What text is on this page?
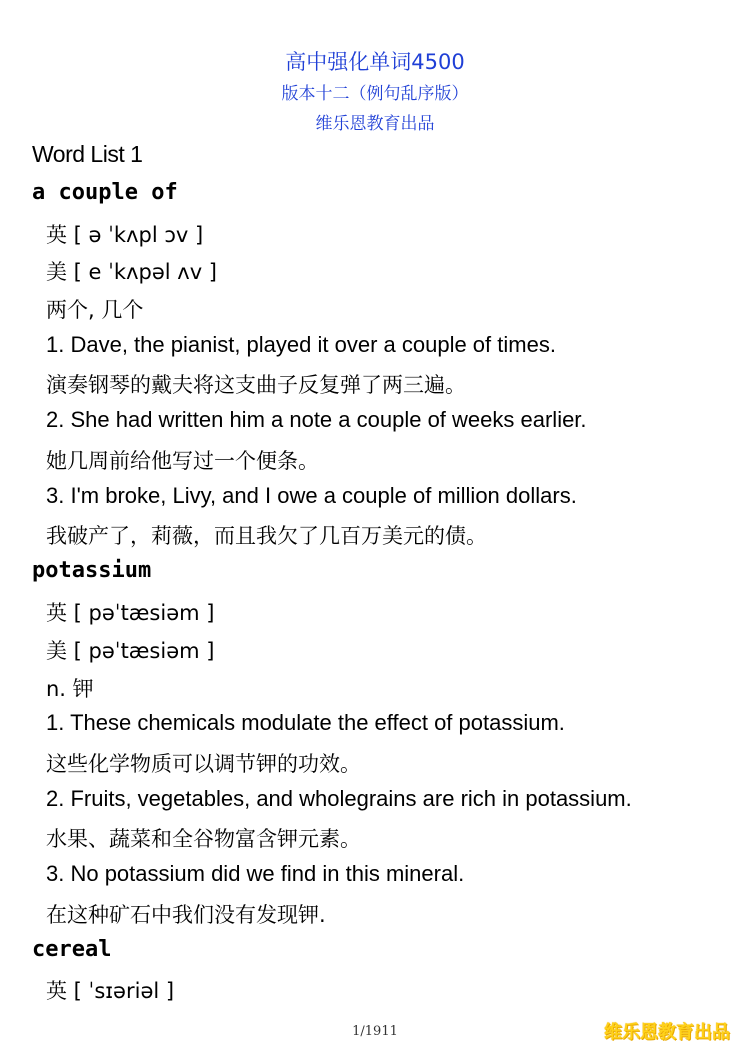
高中强化单词4500
版本十二（例句乱序版）
维乐恩教育出品
Word List 1
a couple of
英 [ ə ˈkʌpl ɔv ]
美 [ e ˈkʌpəl ʌv ]
两个, 几个
1. Dave, the pianist, played it over a couple of times.
演奏钢琴的戴夫将这支曲子反复弹了两三遍。
2. She had written him a note a couple of weeks earlier.
她几周前给他写过一个便条。
3. I'm broke, Livy, and I owe a couple of million dollars.
我破产了，莉薇，而且我欠了几百万美元的债。
potassium
英 [ pəˈtæsiəm ]
美 [ pəˈtæsiəm ]
n. 钾
1. These chemicals modulate the effect of potassium.
这些化学物质可以调节钾的功效。
2. Fruits, vegetables, and wholegrains are rich in potassium.
水果、蔬菜和全谷物富含钾元素。
3. No potassium did we find in this mineral.
在这种矿石中我们没有发现钾.
cereal
英 [ ˈsɪəriəl ]
1/1911	维乐恩教育出品
